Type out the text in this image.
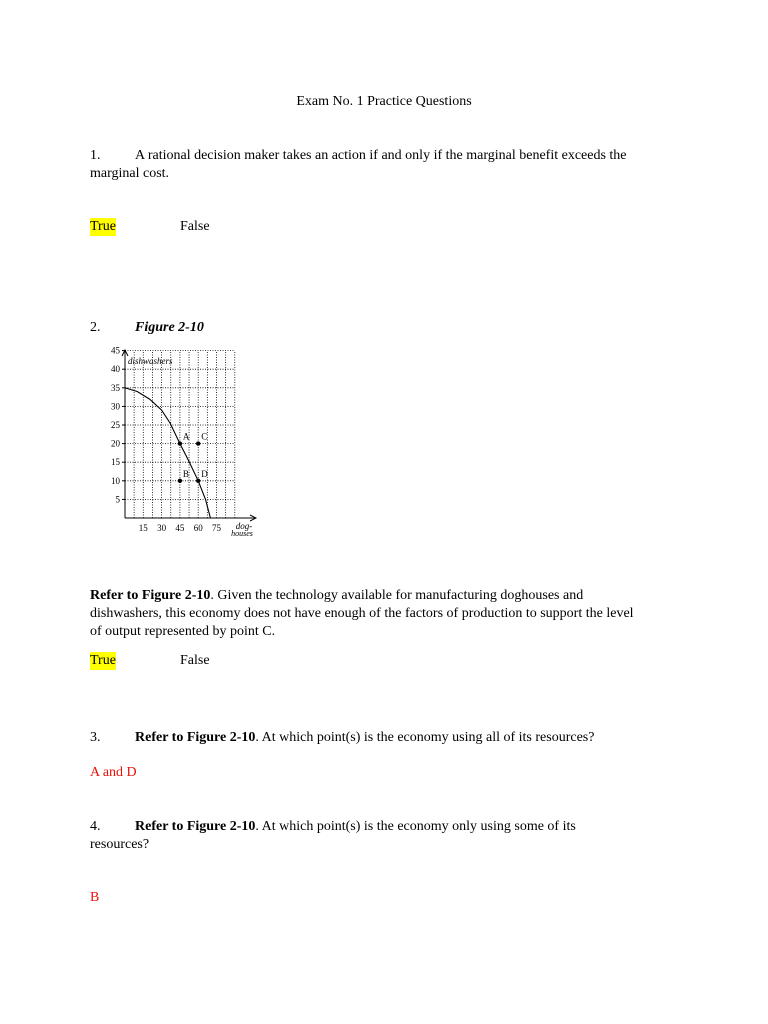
Exam No. 1 Practice Questions
1. A rational decision maker takes an action if and only if the marginal benefit exceeds the
marginal cost.
True	False
2. Figure 2-10
5
10
15
20
25
30
35
40
45
15 30 45 60 75
dishwashers
dog-
houses
A C
B D
Refer to Figure 2-10. Given the technology available for manufacturing doghouses and
dishwashers, this economy does not have enough of the factors of production to support the level
of output represented by point C.
True	False
3. Refer to Figure 2-10. At which point(s) is the economy using all of its resources?
A and D
4. Refer to Figure 2-10. At which point(s) is the economy only using some of its
resources?
B
